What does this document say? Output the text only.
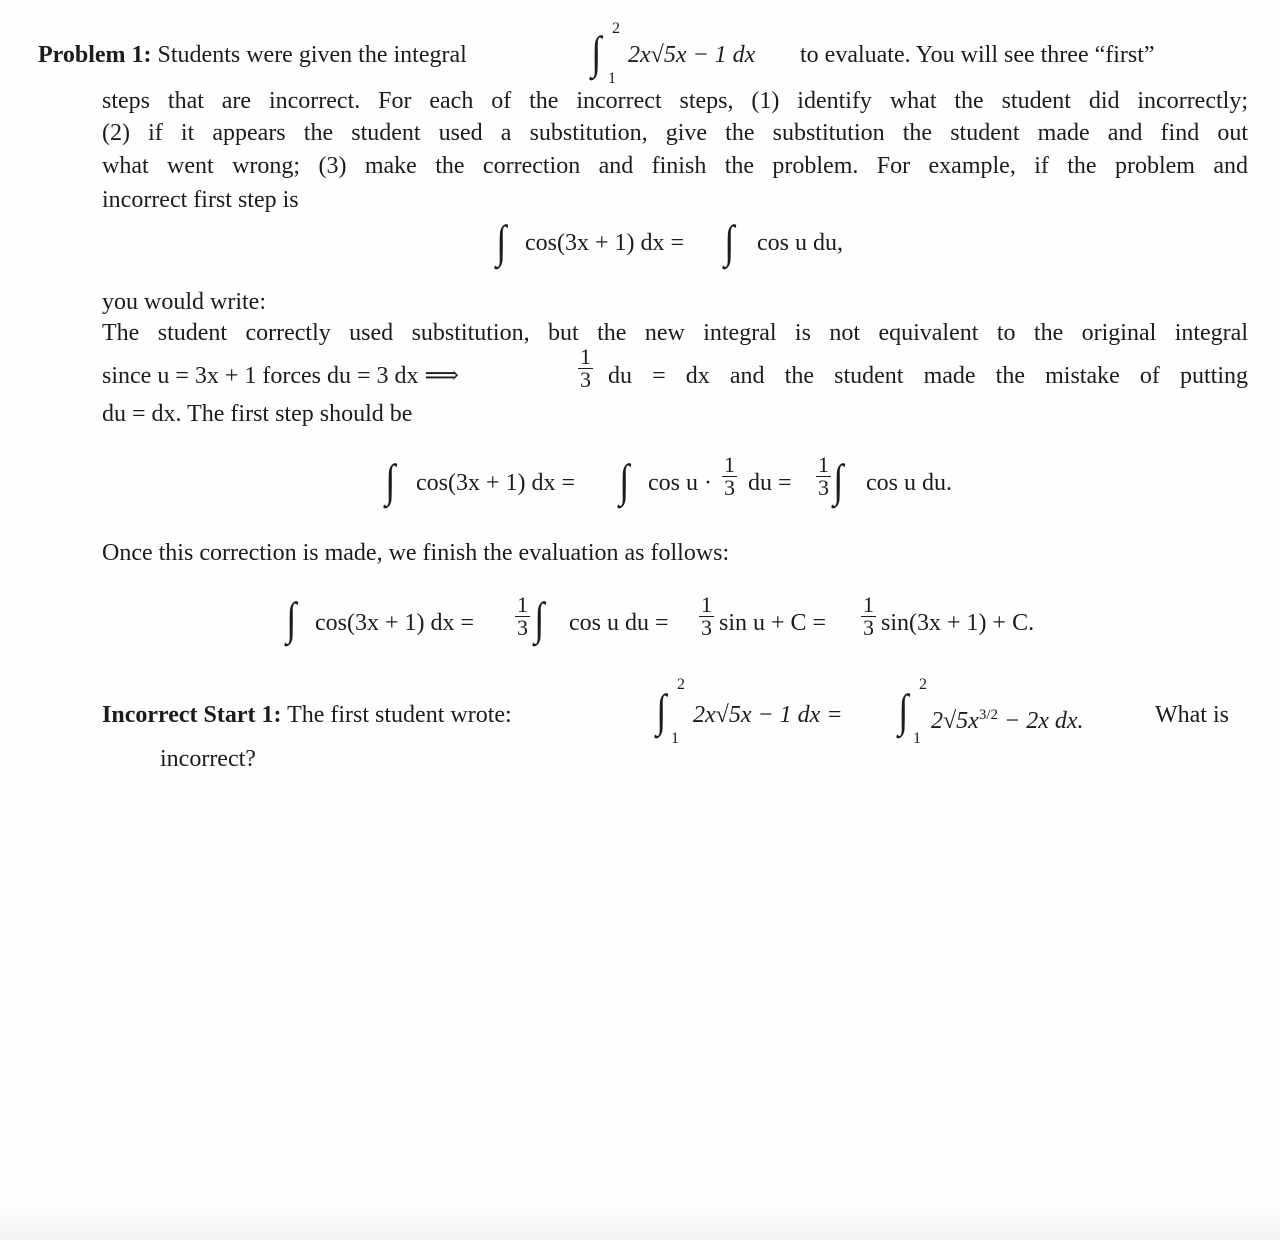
Problem 1: Students were given the integral	∫ 2
1
2x√5x − 1 dx to evaluate. You will see three “first”
steps that are incorrect. For each of the incorrect steps, (1) identify what the student did incorrectly;
(2) if it appears the student used a substitution, give the substitution the student made and find out
what went wrong; (3) make the correction and finish the problem. For example, if the problem and
incorrect first step is
∫ cos(3x + 1) dx = ∫ cos u du,
you would write:
The student correctly used substitution, but the new integral is not equivalent to the original integral
since u = 3x + 1 forces du = 3 dx ⟹	$\frac{1}{3}$ du = dx and the student made the mistake of putting
du = dx. The first step should be
∫ cos(3x + 1) dx = ∫ $\cos u \cdot \frac{1}{3}$ du = $\frac{1}{3}$ ∫ cos u du.
Once this correction is made, we finish the evaluation as follows:
∫ cos(3x + 1) dx = $\frac{1}{3}$ ∫ cos u du = $\frac{1}{3}$ $\sin u + C = \frac{1}{3} \sin(3x + 1) + C$.
Incorrect Start 1: The first student wrote:	∫
2
1
2x√5x − 1 dx = ∫
2
1
$2√5x^{3/2} - 2x$ dx.	What is
incorrect?
